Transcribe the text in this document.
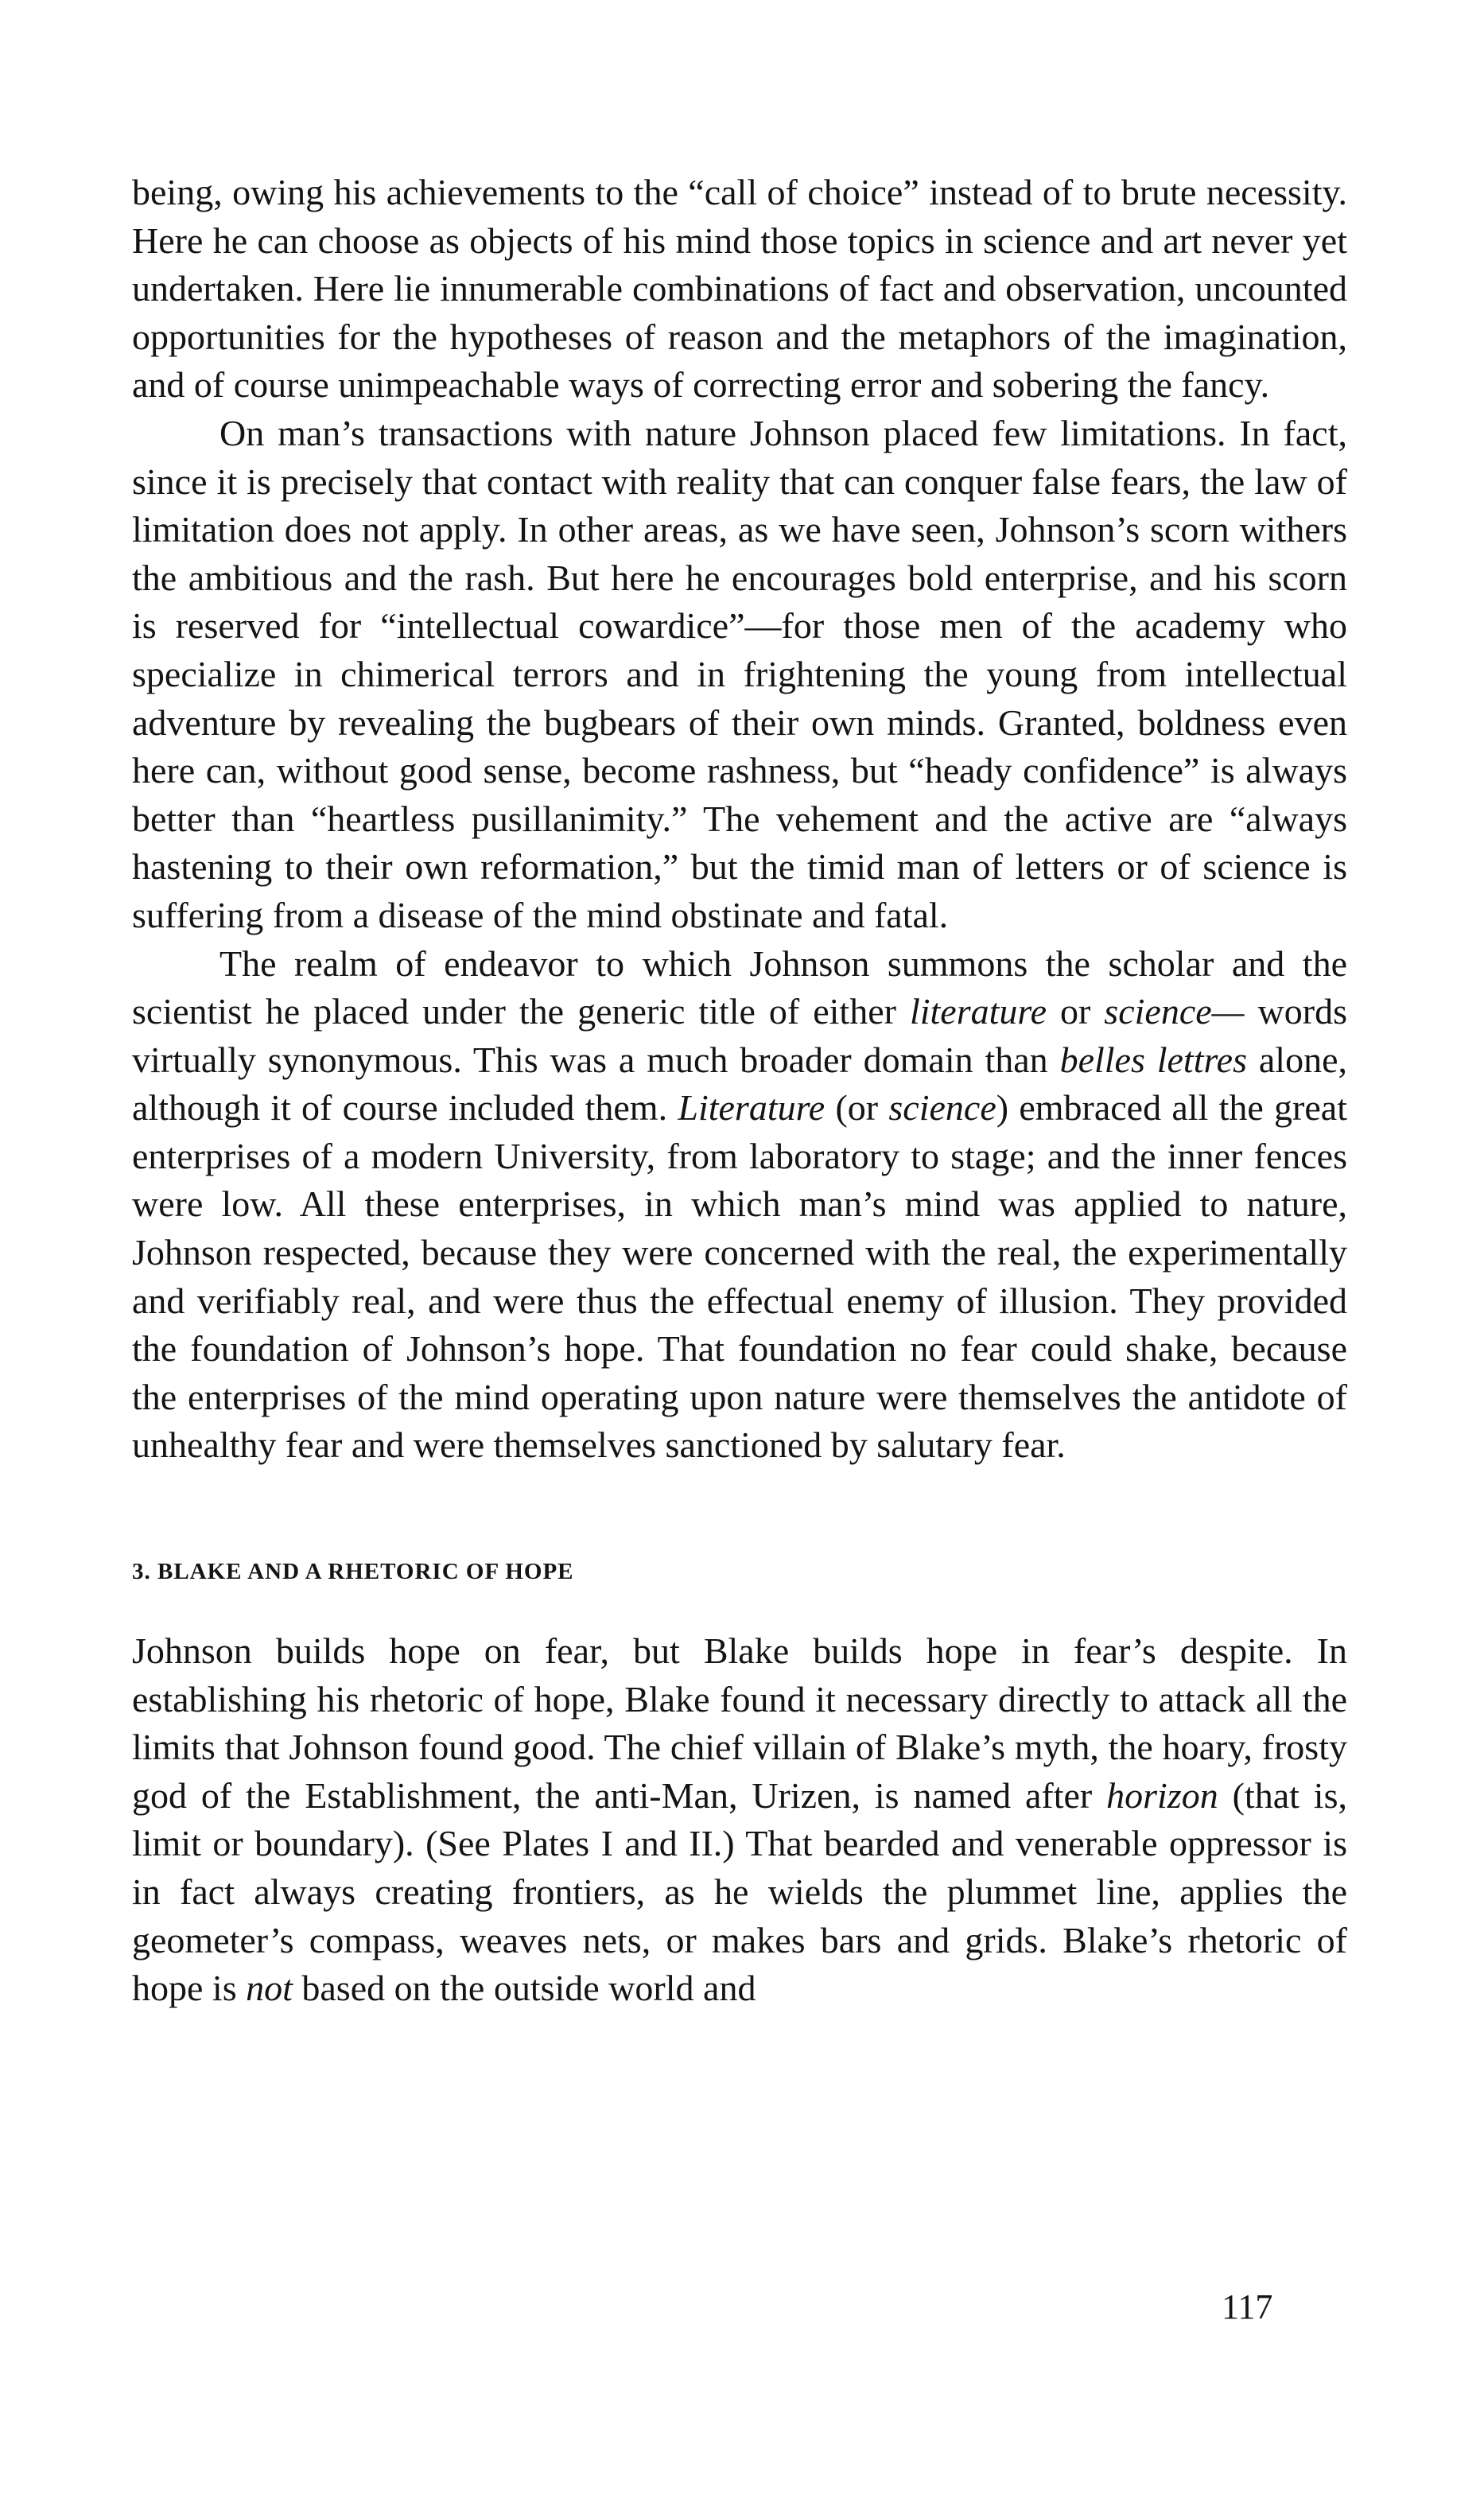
being, owing his achievements to the “call of choice” instead of to brute necessity. Here he can choose as objects of his mind those topics in science and art never yet undertaken. Here lie innumerable combinations of fact and observation, uncounted opportunities for the hypotheses of reason and the metaphors of the imagination, and of course unimpeachable ways of correcting error and sobering the fancy.

On man’s transactions with nature Johnson placed few limitations. In fact, since it is precisely that contact with reality that can conquer false fears, the law of limitation does not apply. In other areas, as we have seen, Johnson’s scorn withers the ambitious and the rash. But here he encourages bold enterprise, and his scorn is reserved for “intellectual cowardice”—for those men of the academy who specialize in chimerical terrors and in frightening the young from intellectual adventure by revealing the bugbears of their own minds. Granted, boldness even here can, without good sense, become rashness, but “heady confidence” is always better than “heartless pusillanimity.” The vehement and the active are “always hastening to their own reformation,” but the timid man of letters or of science is suffering from a disease of the mind obstinate and fatal.

The realm of endeavor to which Johnson summons the scholar and the scientist he placed under the generic title of either literature or science— words virtually synonymous. This was a much broader domain than belles lettres alone, although it of course included them. Literature (or science) embraced all the great enterprises of a modern University, from laboratory to stage; and the inner fences were low. All these enterprises, in which man’s mind was applied to nature, Johnson respected, because they were concerned with the real, the experimentally and verifiably real, and were thus the effectual enemy of illusion. They provided the foundation of Johnson’s hope. That foundation no fear could shake, because the enterprises of the mind operating upon nature were themselves the antidote of unhealthy fear and were themselves sanctioned by salutary fear.

3. BLAKE AND A RHETORIC OF HOPE

Johnson builds hope on fear, but Blake builds hope in fear’s despite. In establishing his rhetoric of hope, Blake found it necessary directly to attack all the limits that Johnson found good. The chief villain of Blake’s myth, the hoary, frosty god of the Establishment, the anti-Man, Urizen, is named after horizon (that is, limit or boundary). (See Plates I and II.) That bearded and venerable oppressor is in fact always creating frontiers, as he wields the plummet line, applies the geometer’s compass, weaves nets, or makes bars and grids. Blake’s rhetoric of hope is not based on the outside world and

117
